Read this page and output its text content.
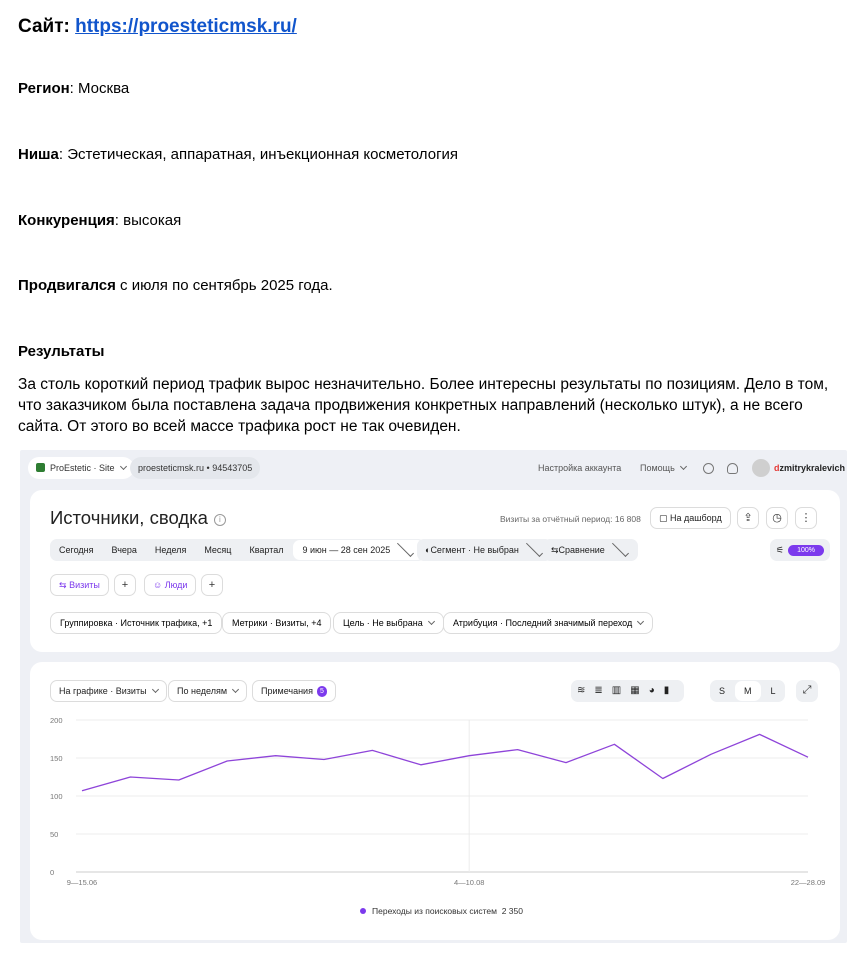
Сайт: https://proesteticmsk.ru/
Регион: Москва
Ниша: Эстетическая, аппаратная, инъекционная косметология
Конкуренция: высокая
Продвигался с июля по сентябрь 2025 года.
Результаты
За столь короткий период трафик вырос незначительно. Более интересны результаты по позициям. Дело в том, что заказчиком была поставлена задача продвижения конкретных направлений (несколько штук), а не всего сайта. От этого во всей массе трафика рост не так очевиден.
ProEstetic · Site	proesteticmsk.ru • 94543705	Настройка аккаунта Помощь	dzmitrykralevich
Источники, сводка i	Визиты за отчётный период: 16 808	▢ На дашборд	⇪	◷	⋮
Сегодня Вчера Неделя Месяц Квартал 9 июн — 28 сен 2025	◐Сегмент · Не выбран	⇆Сравнение	⚟ 100%
⇆ Визиты	+	☺ Люди	+
Группировка · Источник трафика, +1	Метрики · Визиты, +4	Цель · Не выбрана	Атрибуция · Последний значимый переход
На графике · Визиты	По неделям	Примечания 5	≋≣▥▦◕▮	S M L	⤢
0
50
100
150
200
9—15.06	4—10.08	22—28.09
Переходы из поисковых систем 2 350
